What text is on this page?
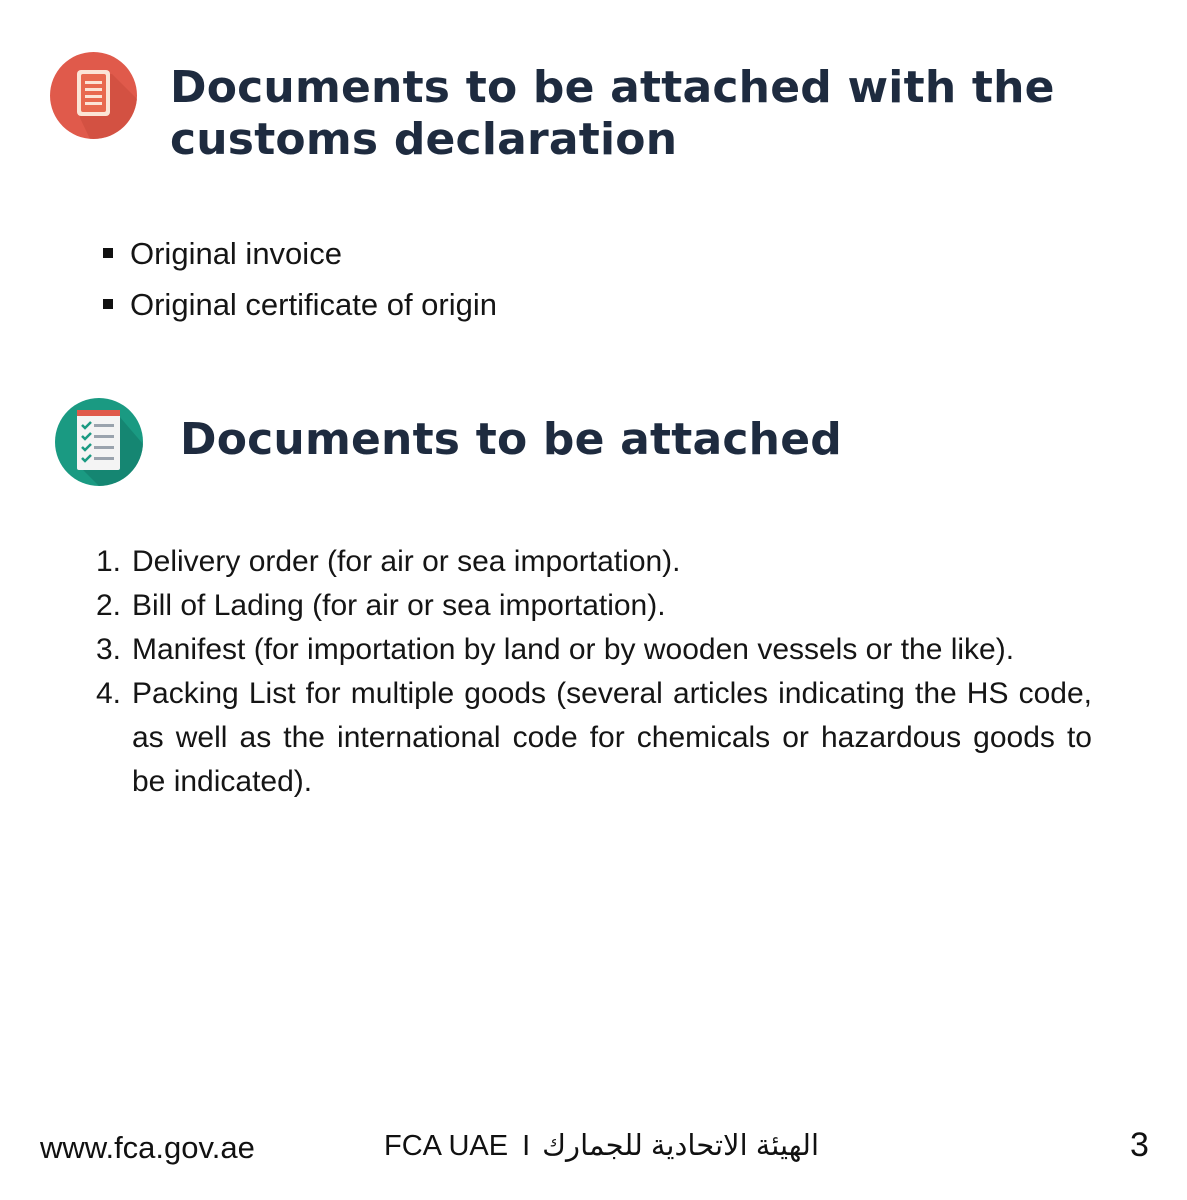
Documents to be attached with the customs declaration
Original invoice
Original certificate of origin
Documents to be attached
1. Delivery order (for air or sea importation).
2. Bill of Lading (for air or sea importation).
3. Manifest (for importation by land or by wooden vessels or the like).
4. Packing List for multiple goods (several articles indicating the HS code, as well as the international code for chemicals or hazardous goods to be indicated).
www.fca.gov.ae	FCA UAE I الهيئة الاتحادية للجمارك	3
